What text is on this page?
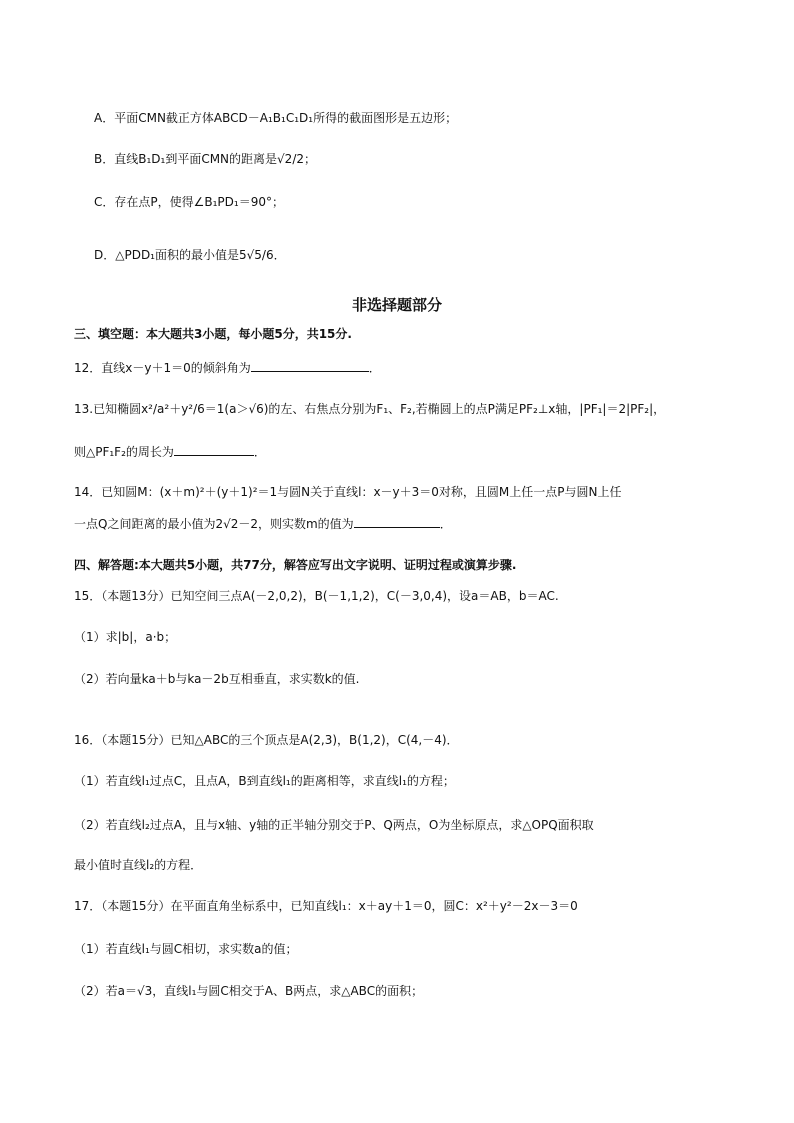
A．平面CMN截正方体ABCD－A₁B₁C₁D₁所得的截面图形是五边形；
B．直线B₁D₁到平面CMN的距离是√2/2；
C．存在点P，使得∠B₁PD₁＝90°；
D．△PDD₁面积的最小值是5√5/6．
非选择题部分
三、填空题：本大题共3小题，每小题5分，共15分.
12．直线x－y＋1＝0的倾斜角为	．
13.已知椭圆x²/a²＋y²/6＝1(a＞√6)的左、右焦点分别为F₁、F₂,若椭圆上的点P满足PF₂⊥x轴，|PF₁|＝2|PF₂|，
则△PF₁F₂的周长为	．
14．已知圆M：(x＋m)²＋(y＋1)²＝1与圆N关于直线l：x－y＋3＝0对称，且圆M上任一点P与圆N上任
一点Q之间距离的最小值为2√2－2，则实数m的值为	．
四、解答题:本大题共5小题，共77分，解答应写出文字说明、证明过程或演算步骤.
15．（本题13分）已知空间三点A(－2,0,2)，B(－1,1,2)，C(－3,0,4)，设a＝AB，b＝AC.
（1）求|b|，a·b；
（2）若向量ka＋b与ka－2b互相垂直，求实数k的值.
16．（本题15分）已知△ABC的三个顶点是A(2,3)，B(1,2)，C(4,－4)．
（1）若直线l₁过点C，且点A，B到直线l₁的距离相等，求直线l₁的方程；
（2）若直线l₂过点A，且与x轴、y轴的正半轴分别交于P、Q两点，O为坐标原点，求△OPQ面积取
最小值时直线l₂的方程．
17．（本题15分）在平面直角坐标系中，已知直线l₁：x＋ay＋1＝0，圆C：x²＋y²－2x－3＝0
（1）若直线l₁与圆C相切，求实数a的值；
（2）若a＝√3，直线l₁与圆C相交于A、B两点，求△ABC的面积；
